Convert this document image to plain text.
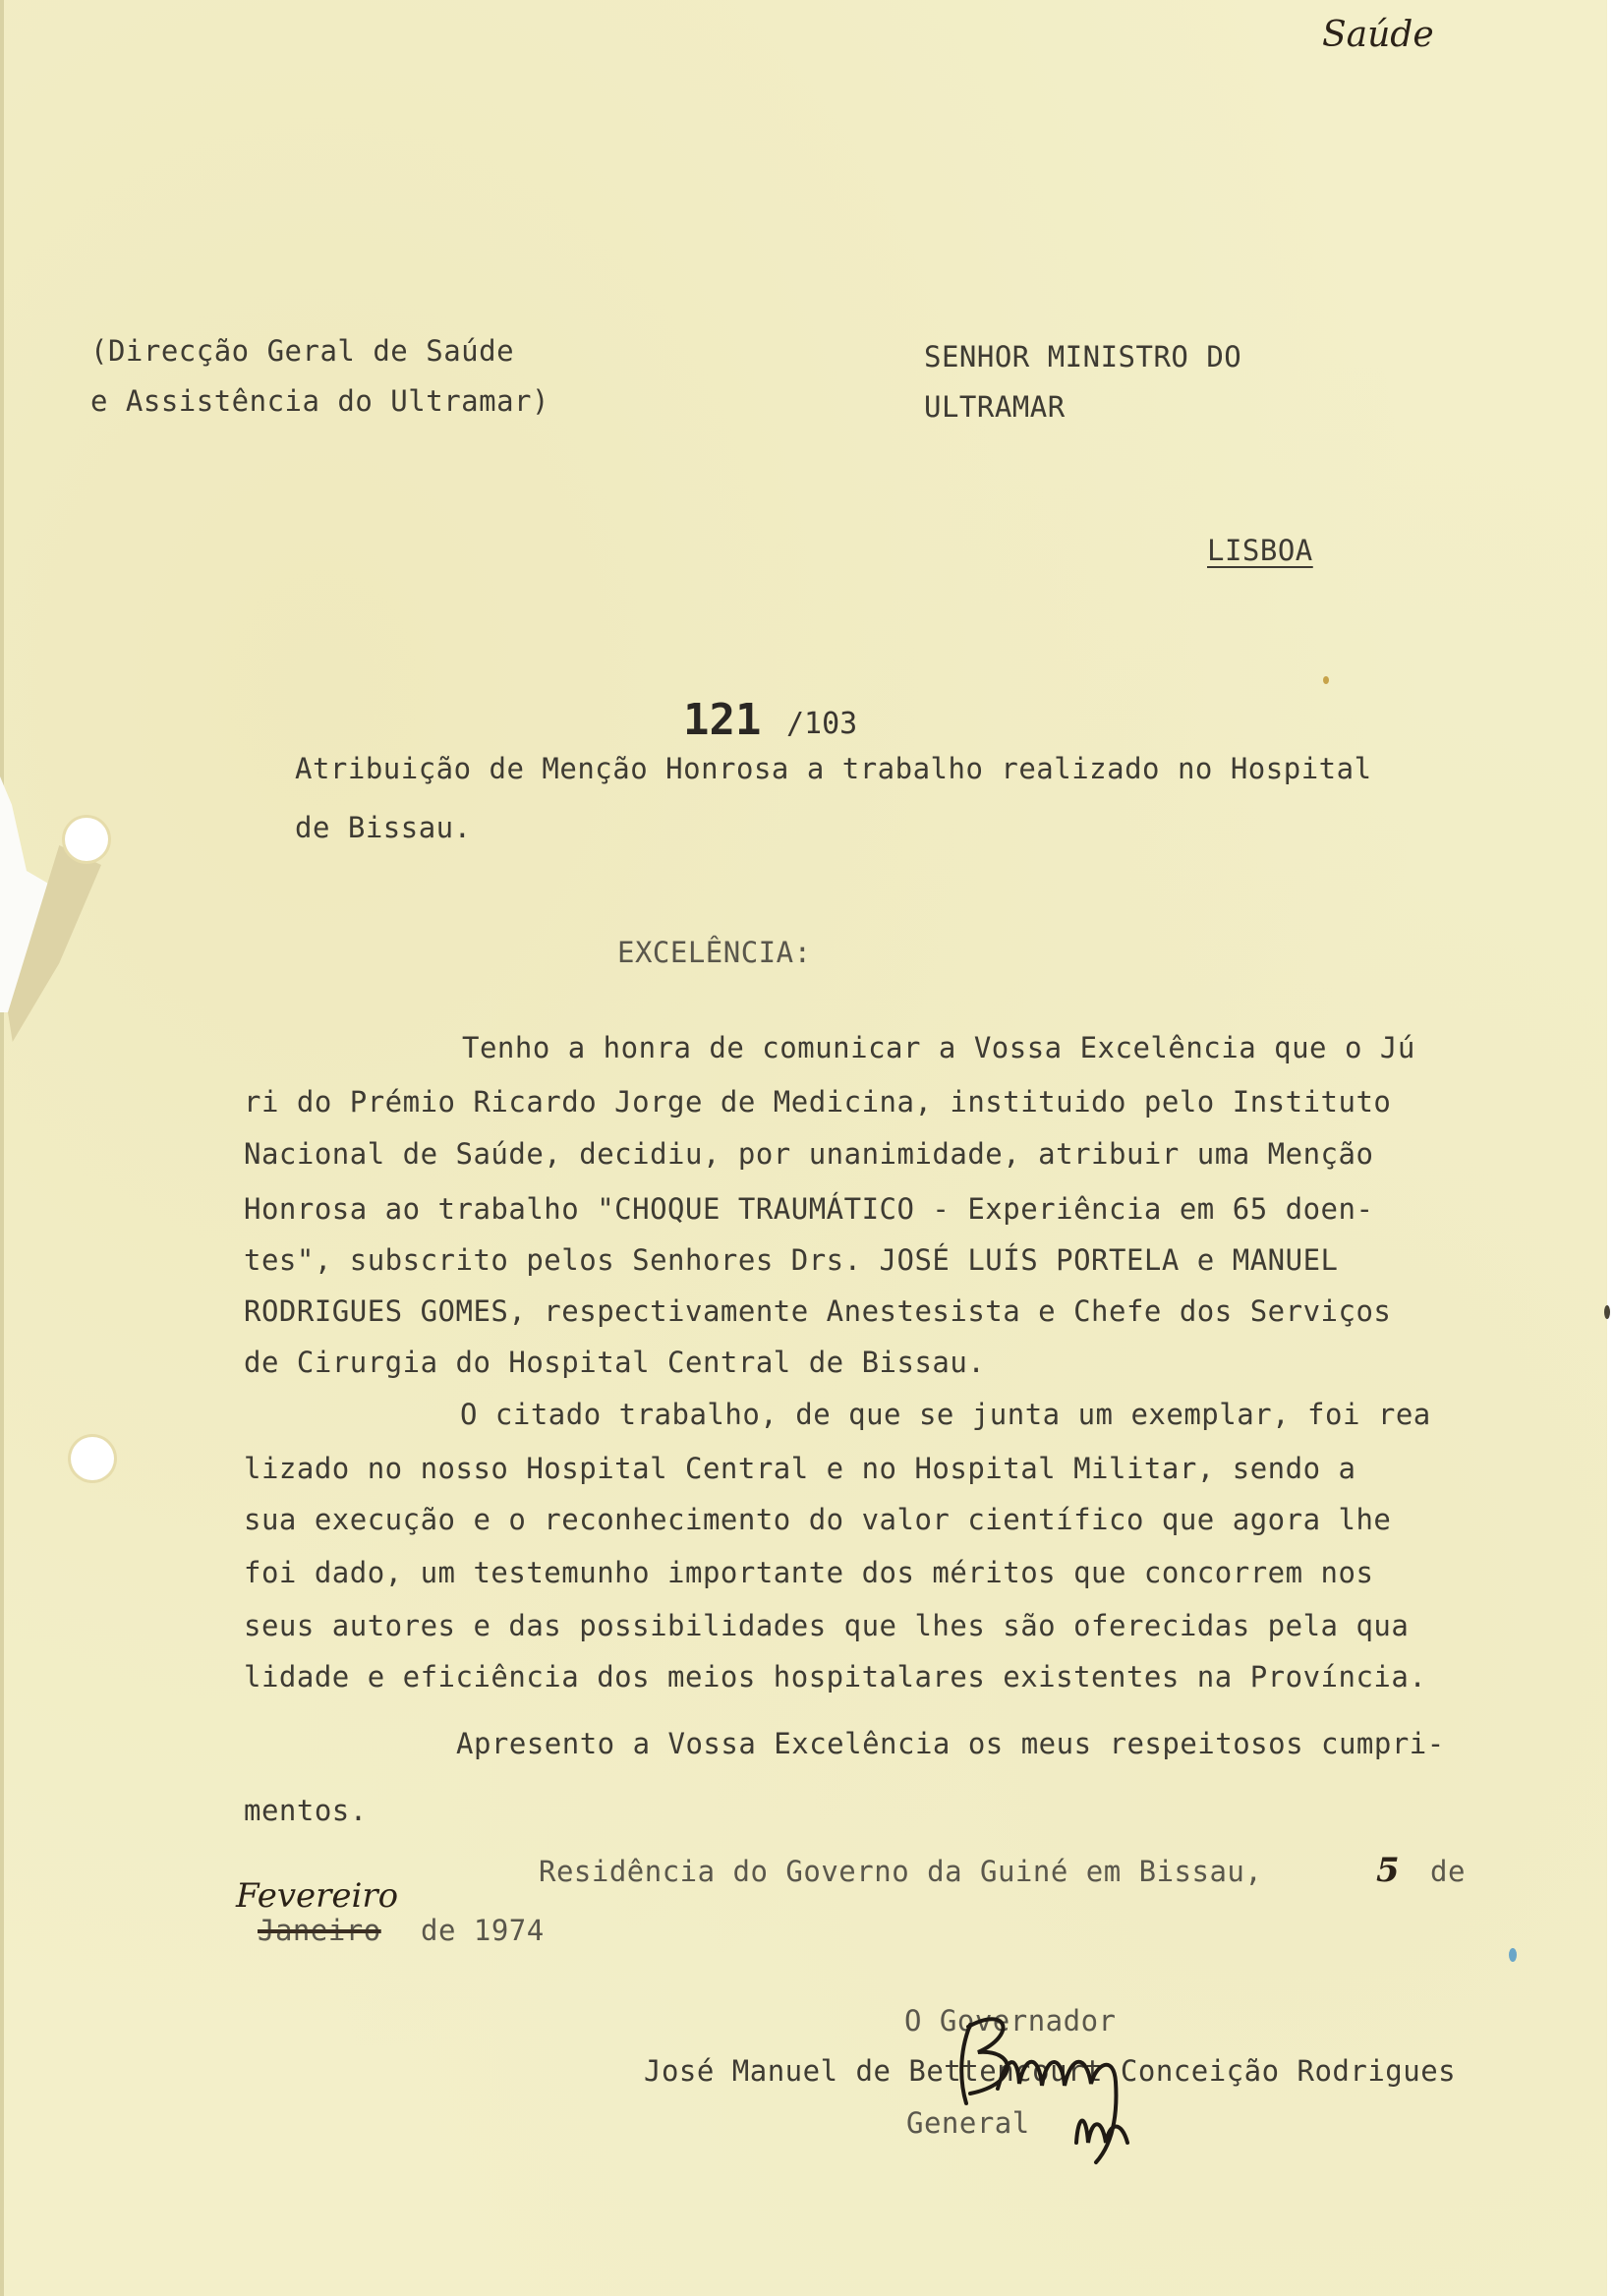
Saúde
(Direcção Geral de Saúde
e Assistência do Ultramar)
SENHOR MINISTRO DO
ULTRAMAR
LISBOA
121 /103
Atribuição de Menção Honrosa a trabalho realizado no Hospital
de Bissau.
EXCELÊNCIA:
Tenho a honra de comunicar a Vossa Excelência que o Jú
ri do Prémio Ricardo Jorge de Medicina, instituido pelo Instituto
Nacional de Saúde, decidiu, por unanimidade, atribuir uma Menção
Honrosa ao trabalho "CHOQUE TRAUMÁTICO - Experiência em 65 doen-
tes", subscrito pelos Senhores Drs. JOSÉ LUÍS PORTELA e MANUEL
RODRIGUES GOMES, respectivamente Anestesista e Chefe dos Serviços
de Cirurgia do Hospital Central de Bissau.
O citado trabalho, de que se junta um exemplar, foi rea
lizado no nosso Hospital Central e no Hospital Militar, sendo a
sua execução e o reconhecimento do valor científico que agora lhe
foi dado, um testemunho importante dos méritos que concorrem nos
seus autores e das possibilidades que lhes são oferecidas pela qua
lidade e eficiência dos meios hospitalares existentes na Província.
Apresento a Vossa Excelência os meus respeitosos cumpri-
mentos.
Residência do Governo da Guiné em Bissau,	5 de
Fevereiro
Janeiro de 1974
O Governador
José Manuel de Bettencourt Conceição Rodrigues
General
